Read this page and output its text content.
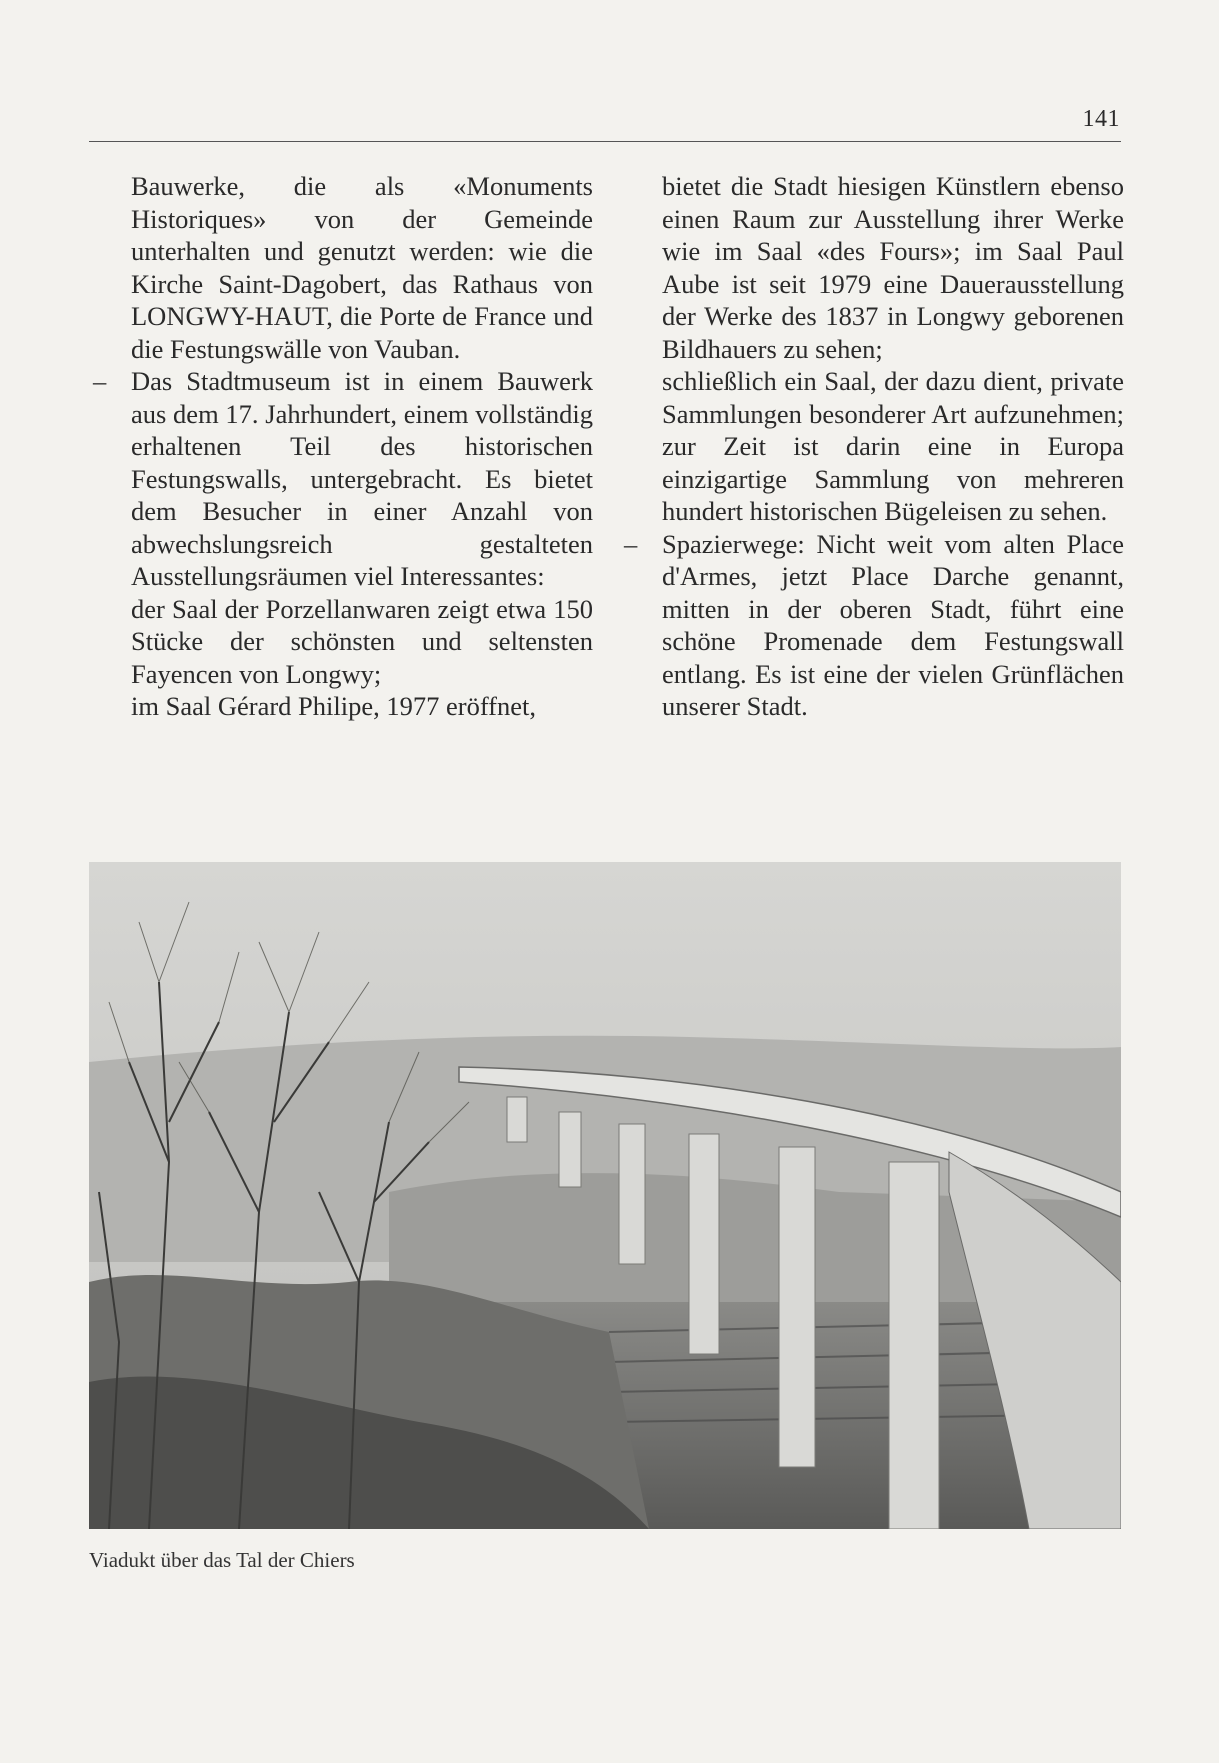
141

Bauwerke, die als «Monuments Historiques» von der Gemeinde unterhalten und genutzt werden: wie die Kirche Saint-Dagobert, das Rathaus von LONGWY-HAUT, die Porte de France und die Festungswälle von Vauban.

– Das Stadtmuseum ist in einem Bauwerk aus dem 17. Jahrhundert, einem vollständig erhaltenen Teil des historischen Festungswalls, untergebracht. Es bietet dem Besucher in einer Anzahl von abwechslungsreich gestalteten Ausstellungsräumen viel Interessantes:

der Saal der Porzellanwaren zeigt etwa 150 Stücke der schönsten und seltensten Fayencen von Longwy;

im Saal Gérard Philipe, 1977 eröffnet,

bietet die Stadt hiesigen Künstlern ebenso einen Raum zur Ausstellung ihrer Werke wie im Saal «des Fours»; im Saal Paul Aube ist seit 1979 eine Dauerausstellung der Werke des 1837 in Longwy geborenen Bildhauers zu sehen;

schließlich ein Saal, der dazu dient, private Sammlungen besonderer Art aufzunehmen; zur Zeit ist darin eine in Europa einzigartige Sammlung von mehreren hundert historischen Bügeleisen zu sehen.

– Spazierwege: Nicht weit vom alten Place d'Armes, jetzt Place Darche genannt, mitten in der oberen Stadt, führt eine schöne Promenade dem Festungswall entlang. Es ist eine der vielen Grünflächen unserer Stadt.

Viadukt über das Tal der Chiers
